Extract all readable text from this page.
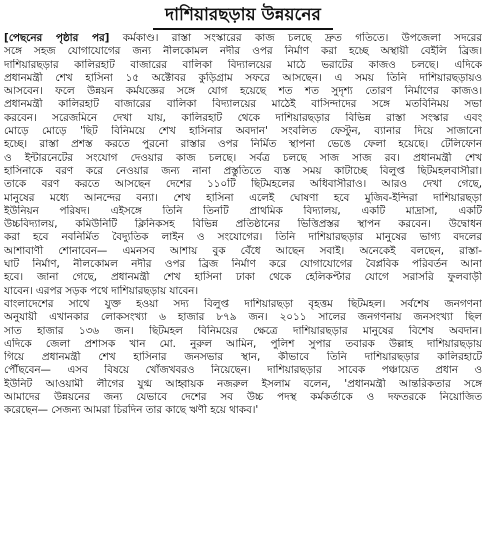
দাশিয়ারছড়ায় উন্নয়নের
[পেছনের পৃষ্ঠার পর] কর্মকাণ্ড। রাস্তা সংস্কারের কাজ চলছে দ্রুত গতিতে। উপজেলা সদরের
সঙ্গে সহজ যোগাযোগের জন্য নীলকোমল নদীর ওপর নির্মাণ করা হচ্ছে অস্থায়ী বেইলি ব্রিজ।
দাশিয়ারছড়ার কালিরহাট বাজারের বালিকা বিদ্যালয়ের মাঠে ভরাটের কাজও চলছে। এদিকে
প্রধানমন্ত্রী শেখ হাসিনা ১৫ অক্টোবর কুড়িগ্রাম সফরে আসছেন। এ সময় তিনি দাশিয়ারছড়ায়ও
আসবেন। ফলে উন্নয়ন কর্মযজ্ঞের সঙ্গে যোগ হয়েছে শত শত সুদৃশ্য তোরণ নির্মাণের কাজও।
প্রধানমন্ত্রী কালিরহাট বাজারের বালিকা বিদ্যালয়ের মাঠেই বাসিন্দাদের সঙ্গে মতবিনিময় সভা
করবেন। সরেজমিনে দেখা যায়, কালিরহাট থেকে দাশিয়ারছড়ার বিভিন্ন রাস্তা সংস্কার এবং
মোড়ে মোড়ে 'ছিট বিনিময়ে শেখ হাসিনার অবদান' সংবলিত ফেস্টুন, ব্যানার দিয়ে সাজানো
হচ্ছে। রাস্তা প্রশস্ত করতে পুরনো রাস্তার ওপর নির্মিত স্থাপনা ভেঙে ফেলা হয়েছে। টেলিফোন
ও ইন্টারনেটের সংযোগ দেওয়ার কাজ চলছে। সর্বত্র চলছে সাজ সাজ রব। প্রধানমন্ত্রী শেখ
হাসিনাকে বরণ করে নেওয়ার জন্য নানা প্রস্তুতিতে ব্যস্ত সময় কাটাচ্ছে বিলুপ্ত ছিটমহলবাসীরা।
তাকে বরণ করতে আসছেন দেশের ১১০টি ছিটমহলের অধিবাসীরাও। আরও দেখা গেছে,
মানুষের মধ্যে আনন্দের বন্যা। শেখ হাসিনা এলেই ঘোষণা হবে মুজিব-ইন্দিরা দাশিয়ারছড়া
ইউনিয়ন পরিষদ। এইসঙ্গে তিনি তিনটি প্রাথমিক বিদ্যালয়, একটি মাদ্রাসা, একটি
উচ্চবিদ্যালয়, কমিউনিটি ক্লিনিকসহ বিভিন্ন প্রতিষ্ঠানের ভিত্তিপ্রস্তর স্থাপন করবেন। উদ্বোধন
করা হবে নবনির্মিত বৈদ্যুতিক লাইন ও সংযোগের। তিনি দাশিয়ারছড়ার মানুষের ভাগ্য বদলের
আশাবাণী শোনাবেন— এমনসব আশায় বুক বেঁধে আছেন সবাই। অনেকেই বলছেন, রাস্তা-
ঘাট নির্মাণ, নীলকোমল নদীর ওপর ব্রিজ নির্মাণ করে যোগাযোগের বৈপ্লবিক পরিবর্তন আনা
হবে। জানা গেছে, প্রধানমন্ত্রী শেখ হাসিনা ঢাকা থেকে হেলিকপ্টার যোগে সরাসরি ফুলবাড়ী
যাবেন। এরপর সড়ক পথে দাশিয়ারছড়ায় যাবেন।
বাংলাদেশের সাথে যুক্ত হওয়া সদ্য বিলুপ্ত দাশিয়ারছড়া বৃহত্তম ছিটমহল। সর্বশেষ জনগণনা
অনুযায়ী এখানকার লোকসংখ্যা ৬ হাজার ৮৭৯ জন। ২০১১ সালের জনগণনায় জনসংখ্যা ছিল
সাত হাজার ১৩৬ জন। ছিটমহল বিনিময়ের ক্ষেত্রে দাশিয়ারছড়ার মানুষের বিশেষ অবদান।
এদিকে জেলা প্রশাসক খান মো. নুরুল আমিন, পুলিশ সুপার তবারক উল্লাহ দাশিয়ারছড়ায়
গিয়ে প্রধানমন্ত্রী শেখ হাসিনার জনসভার স্থান, কীভাবে তিনি দাশিয়ারছড়ার কালিরহাটে
পৌঁছবেন— এসব বিষয়ে খোঁজখবরও নিয়েছেন। দাশিয়ারছড়ার সাবেক পঞ্চায়েত প্রধান ও
ইউনিট আওয়ামী লীগের যুগ্ম আহ্বায়ক নজরুল ইসলাম বলেন, 'প্রধানমন্ত্রী আন্তরিকতার সঙ্গে
আমাদের উন্নয়নের জন্য যেভাবে দেশের সব উচ্চ পদস্থ কর্মকর্তাকে ও দফতরকে নিয়োজিত
করেছেন— সেজন্য আমরা চিরদিন তার কাছে ঋণী হয়ে থাকব।'
